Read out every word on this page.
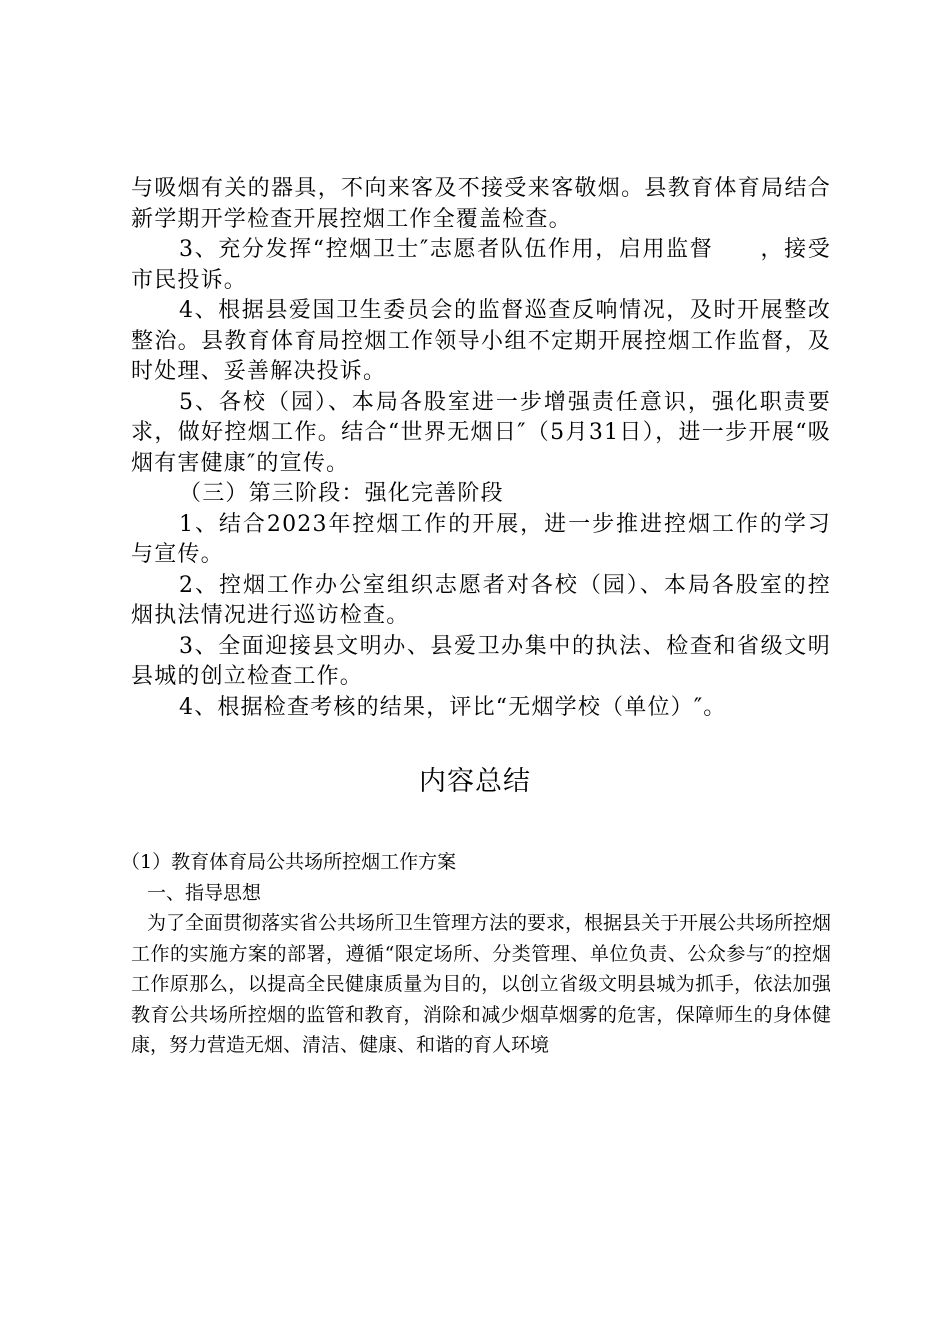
与吸烟有关的器具，不向来客及不接受来客敬烟。县教育体育局结合新学期开学检查开展控烟工作全覆盖检查。

3、充分发挥“控烟卫士″志愿者队伍作用，启用监督　　，接受市民投诉。

4、根据县爱国卫生委员会的监督巡查反响情况，及时开展整改整治。县教育体育局控烟工作领导小组不定期开展控烟工作监督，及时处理、妥善解决投诉。

5、各校（园）、本局各股室进一步增强责任意识，强化职责要求，做好控烟工作。结合“世界无烟日″（5月31日），进一步开展“吸烟有害健康″的宣传。

（三）第三阶段：强化完善阶段

1、结合2023年控烟工作的开展，进一步推进控烟工作的学习与宣传。

2、控烟工作办公室组织志愿者对各校（园）、本局各股室的控烟执法情况进行巡访检查。

3、全面迎接县文明办、县爱卫办集中的执法、检查和省级文明县城的创立检查工作。

4、根据检查考核的结果，评比“无烟学校（单位）″。

内容总结

（1）教育体育局公共场所控烟工作方案

一、指导思想

为了全面贯彻落实省公共场所卫生管理方法的要求，根据县关于开展公共场所控烟工作的实施方案的部署，遵循“限定场所、分类管理、单位负责、公众参与″的控烟工作原那么，以提高全民健康质量为目的，以创立省级文明县城为抓手，依法加强教育公共场所控烟的监管和教育，消除和减少烟草烟雾的危害，保障师生的身体健康，努力营造无烟、清洁、健康、和谐的育人环境
